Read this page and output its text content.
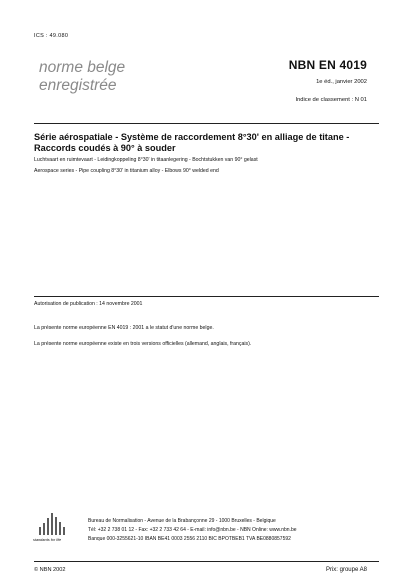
ICS : 49.080
norme belge
enregistrée
NBN EN 4019
1e éd., janvier 2002
Indice de classement : N 01
Série aérospatiale - Système de raccordement 8°30' en alliage de titane - Raccords coudés à 90° à souder
Luchtvaart en ruimtevaart - Leidingkoppeling 8°30' in titaanlegering - Bochtstukken van 90° gelast
Aerospace series - Pipe coupling 8°30' in titanium alloy - Elbows 90° welded end
Autorisation de publication : 14 novembre 2001
La présente norme européenne EN 4019 : 2001 a le statut d'une norme belge.
La présente norme européenne existe en trois versions officielles (allemand, anglais, français).
standards for life
Bureau de Normalisation - Avenue de la Brabançonne 29 - 1000 Bruxelles - Belgique
Tél: +32 2 738 01 12 - Fax: +32 2 733 42 64 - E-mail: info@nbn.be - NBN Online: www.nbn.be
Banque 000-3255621-10 IBAN BE41 0003 2556 2110 BIC BPOTBEB1 TVA BE0880857592
© NBN 2002	Prix: groupe A8
